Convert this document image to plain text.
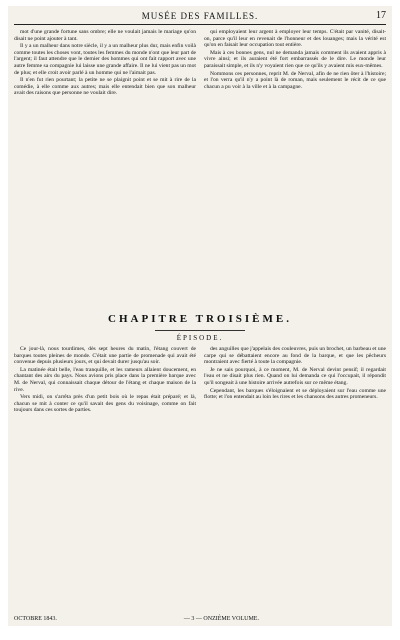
MUSÉE DES FAMILLES.	17

mot d'une grande fortune sans ombre; elle ne voulait jamais le mariage qu'on disait ne point ajouter à tant.

Il y a un malheur dans notre siècle, il y a un malheur plus dur, mais enfin voilà comme toutes les choses vont, toutes les femmes du monde n'ont que leur part de l'argent; il faut attendre que le dernier des hommes qui ont fait rapport avec une autre femme sa compagnie lui laisse une grande affaire. Il ne lui vient pas un mot de plus; et elle croit avoir parlé à un homme qui ne l'aimait pas.

Il n'en fut rien pourtant; la petite ne se plaignit point et se mit à rire de la comédie, à elle comme aux autres; mais elle entendait bien que son malheur avait des raisons que personne ne voulait dire.

qui employaient leur argent à employer leur temps. C'était par vanité, disait-on, parce qu'il leur en revenait de l'honneur et des louanges; mais la vérité est qu'on en faisait leur occupation tout entière.

Mais à ces bonnes gens, nul ne demanda jamais comment ils avaient appris à vivre ainsi; et ils auraient été fort embarrassés de le dire. Le monde leur paraissait simple, et ils n'y voyaient rien que ce qu'ils y avaient mis eux-mêmes.

Nommons ces personnes, reprit M. de Nerval, afin de ne rien ôter à l'histoire; et l'on verra qu'il n'y a point là de roman, mais seulement le récit de ce que chacun a pu voir à la ville et à la campagne.

CHAPITRE TROISIÈME.
ÉPISODE.

Ce jour-là, nous tourdimes, dès sept heures du matin, l'étang couvert de barques toutes pleines de monde. C'était une partie de promenade qui avait été convenue depuis plusieurs jours, et qui devait durer jusqu'au soir.

La matinée était belle, l'eau tranquille, et les rameurs allaient doucement, en chantant des airs du pays. Nous avions pris place dans la première barque avec M. de Nerval, qui connaissait chaque détour de l'étang et chaque maison de la rive.

Vers midi, on s'arrêta près d'un petit bois où le repas était préparé; et là, chacun se mit à conter ce qu'il savait des gens du voisinage, comme on fait toujours dans ces sortes de parties.

des anguilles que j'appelais des couleuvres, puis un brochet, un barbeau et une carpe qui se débattaient encore au fond de la barque, et que les pêcheurs montraient avec fierté à toute la compagnie.

Je ne sais pourquoi, à ce moment, M. de Nerval devint pensif; il regardait l'eau et ne disait plus rien. Quand on lui demanda ce qui l'occupait, il répondit qu'il songeait à une histoire arrivée autrefois sur ce même étang.

Cependant, les barques s'éloignaient et se déployaient sur l'eau comme une flotte; et l'on entendait au loin les rires et les chansons des autres promeneurs.

OCTOBRE 1843.	— 3 — ONZIÈME VOLUME.
